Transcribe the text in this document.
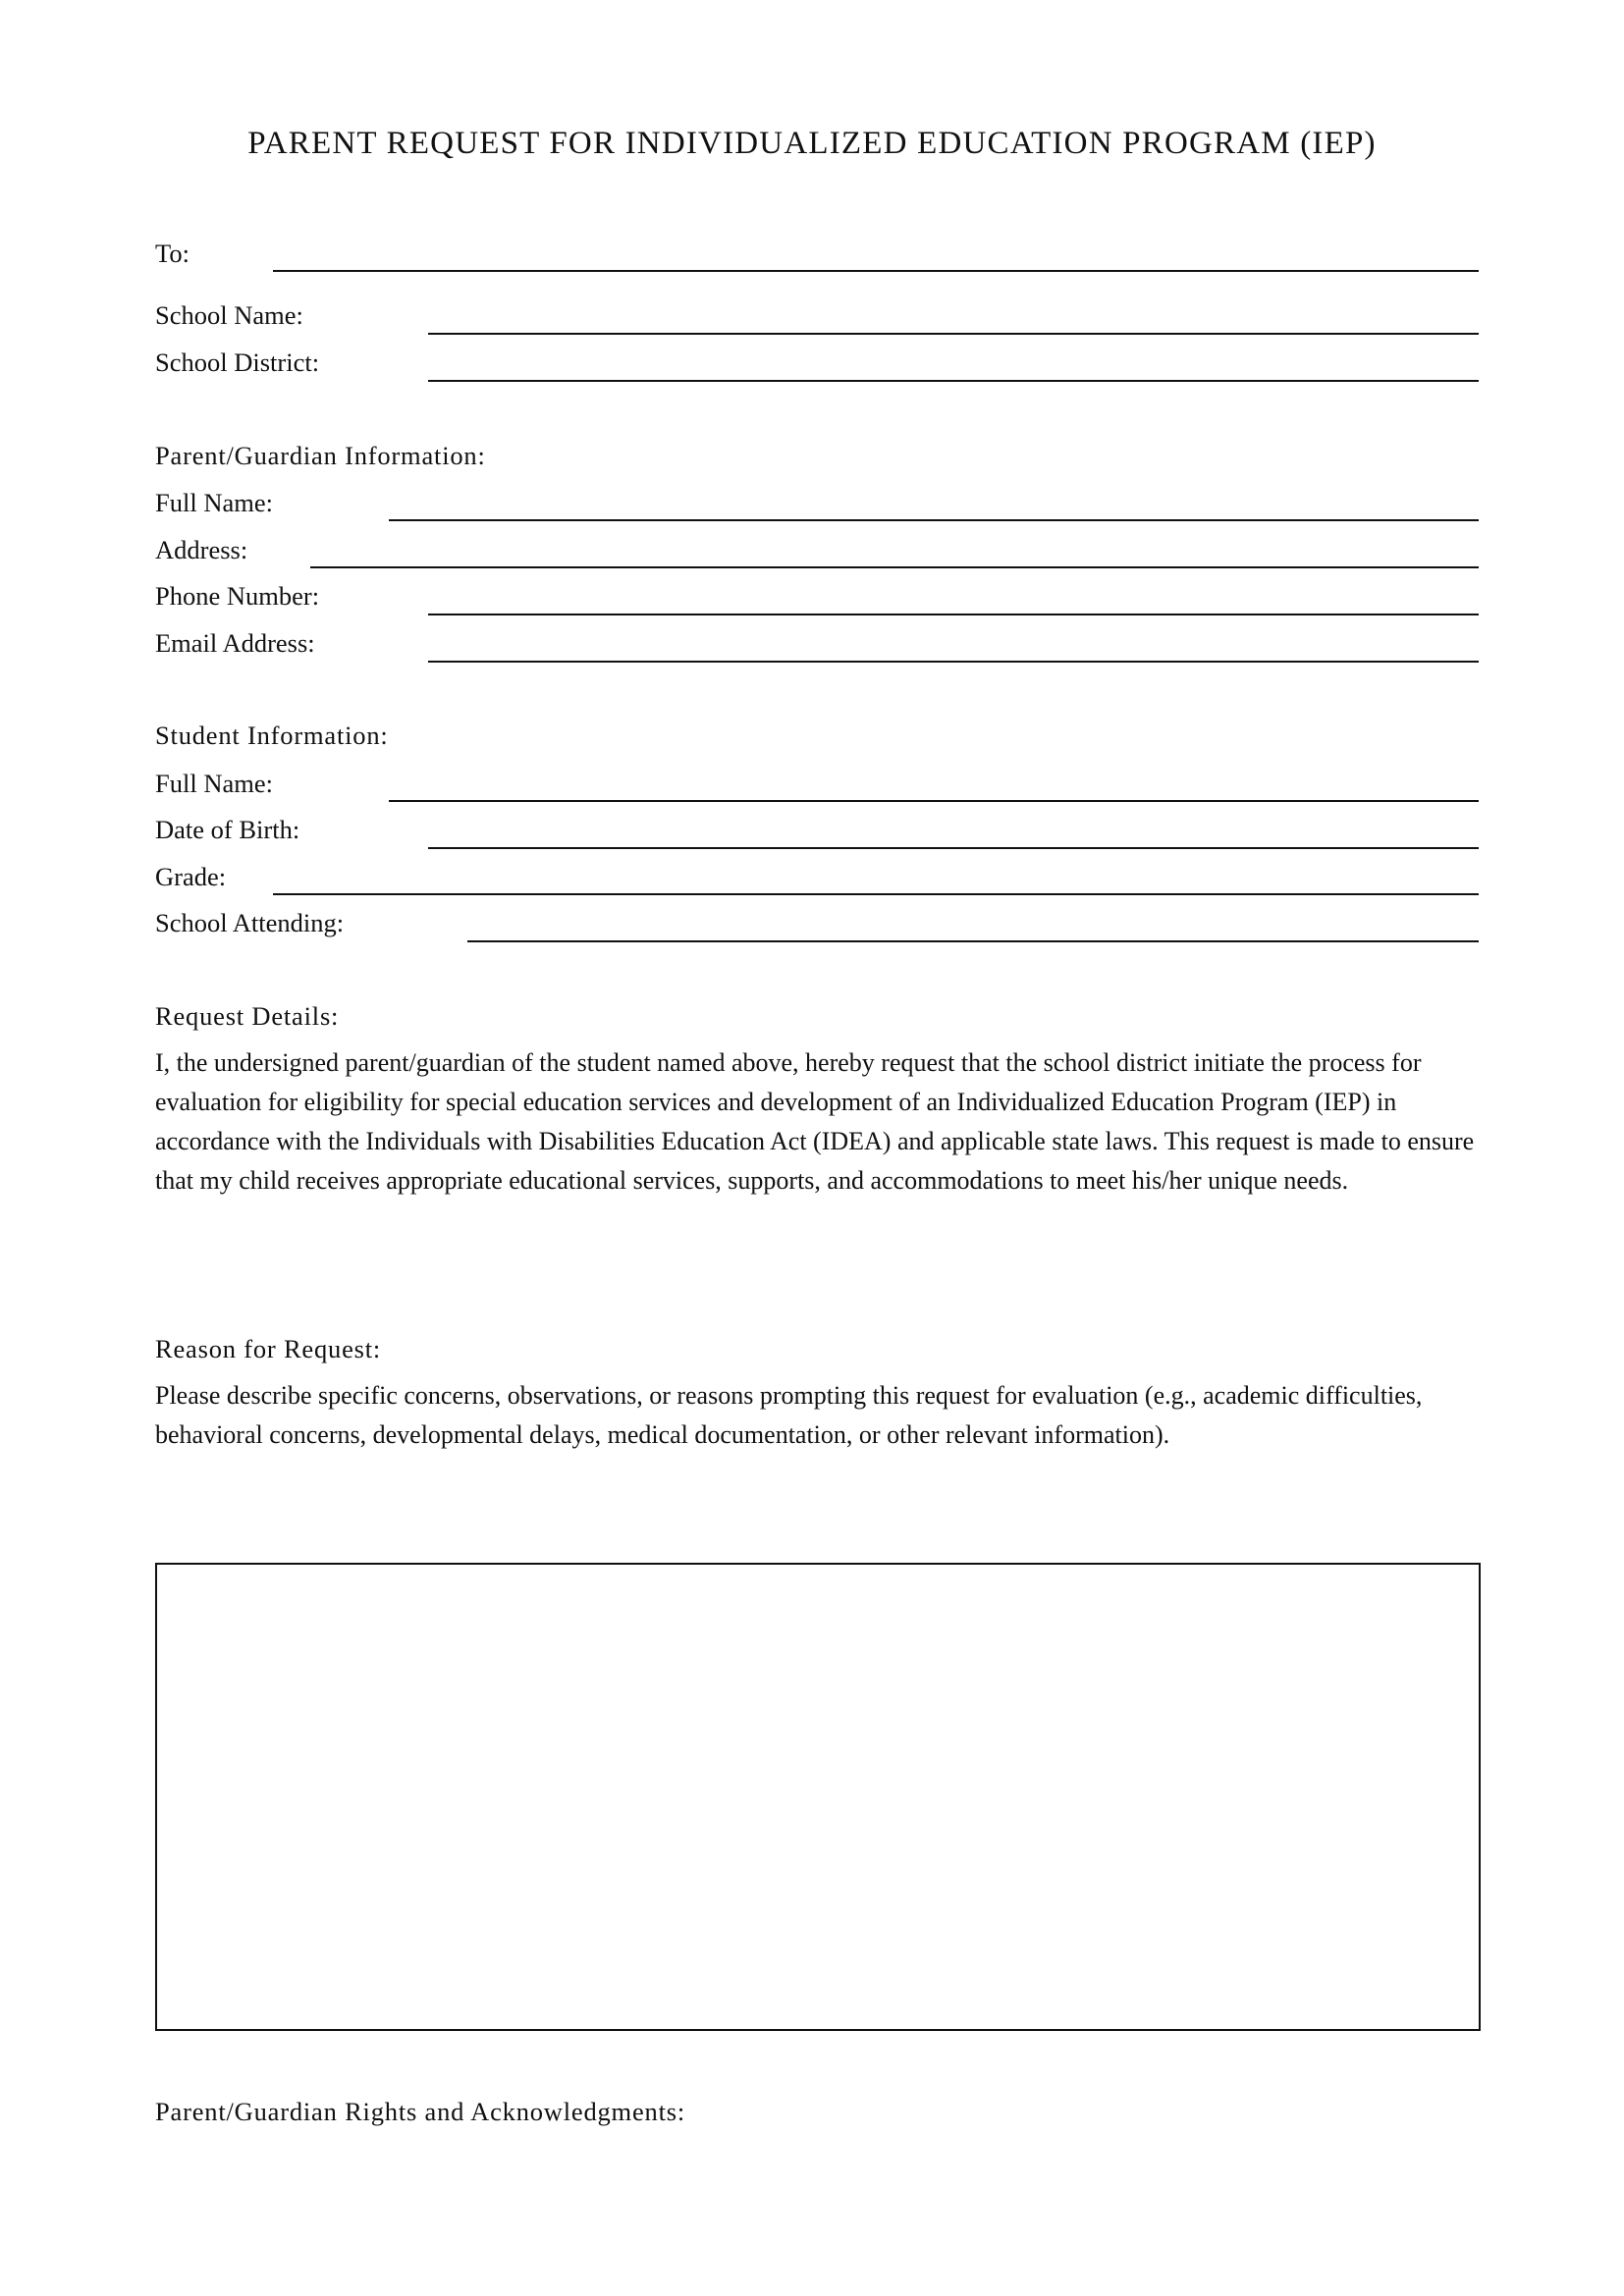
PARENT REQUEST FOR INDIVIDUALIZED EDUCATION PROGRAM (IEP)
To:
School Name:
School District:
Parent/Guardian Information:
Full Name:
Address:
Phone Number:
Email Address:
Student Information:
Full Name:
Date of Birth:
Grade:
School Attending:
Request Details:
I, the undersigned parent/guardian of the student named above, hereby request that the school district initiate the process for evaluation for eligibility for special education services and development of an Individualized Education Program (IEP) in accordance with the Individuals with Disabilities Education Act (IDEA) and applicable state laws. This request is made to ensure that my child receives appropriate educational services, supports, and accommodations to meet his/her unique needs.
Reason for Request:
Please describe specific concerns, observations, or reasons prompting this request for evaluation (e.g., academic difficulties, behavioral concerns, developmental delays, medical documentation, or other relevant information).
Parent/Guardian Rights and Acknowledgments:
